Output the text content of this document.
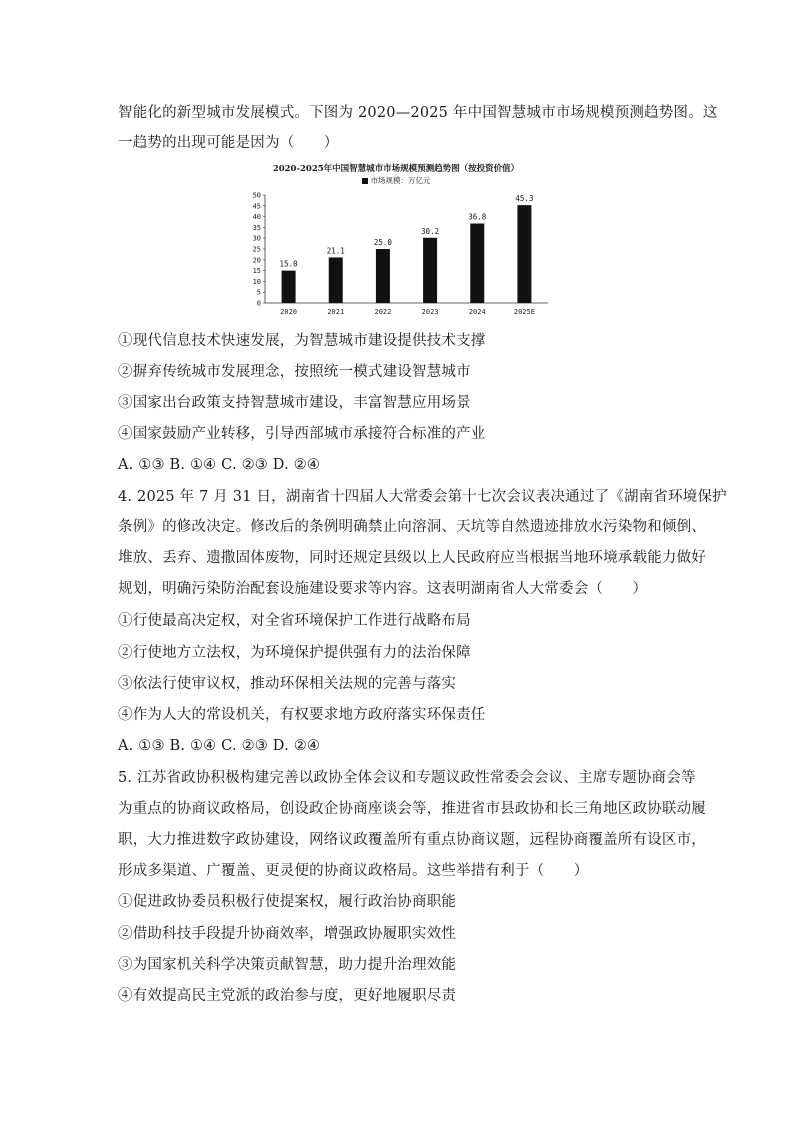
智能化的新型城市发展模式。下图为 2020—2025 年中国智慧城市市场规模预测趋势图。这
一趋势的出现可能是因为（　　）
2020-2025年中国智慧城市市场规模预测趋势图（按投资价值）
市场规模：万亿元
0
5
10
15
20
25
30
35
40
45
50
15.0
2020
21.1
2021
25.0
2022
30.2
2023
36.8
2024
45.3
2025E
①现代信息技术快速发展，为智慧城市建设提供技术支撑
②摒弃传统城市发展理念，按照统一模式建设智慧城市
③国家出台政策支持智慧城市建设，丰富智慧应用场景
④国家鼓励产业转移，引导西部城市承接符合标准的产业
A. ①③ B. ①④ C. ②③ D. ②④
4. 2025 年 7 月 31 日，湖南省十四届人大常委会第十七次会议表决通过了《湖南省环境保护
条例》的修改决定。修改后的条例明确禁止向溶洞、天坑等自然遗迹排放水污染物和倾倒、
堆放、丢弃、遗撒固体废物，同时还规定县级以上人民政府应当根据当地环境承载能力做好
规划，明确污染防治配套设施建设要求等内容。这表明湖南省人大常委会（　　）
①行使最高决定权，对全省环境保护工作进行战略布局
②行使地方立法权，为环境保护提供强有力的法治保障
③依法行使审议权，推动环保相关法规的完善与落实
④作为人大的常设机关，有权要求地方政府落实环保责任
A. ①③ B. ①④ C. ②③ D. ②④
5. 江苏省政协积极构建完善以政协全体会议和专题议政性常委会会议、主席专题协商会等
为重点的协商议政格局，创设政企协商座谈会等，推进省市县政协和长三角地区政协联动履
职，大力推进数字政协建设，网络议政覆盖所有重点协商议题，远程协商覆盖所有设区市，
形成多渠道、广覆盖、更灵便的协商议政格局。这些举措有利于（　　）
①促进政协委员积极行使提案权，履行政治协商职能
②借助科技手段提升协商效率，增强政协履职实效性
③为国家机关科学决策贡献智慧，助力提升治理效能
④有效提高民主党派的政治参与度，更好地履职尽责
